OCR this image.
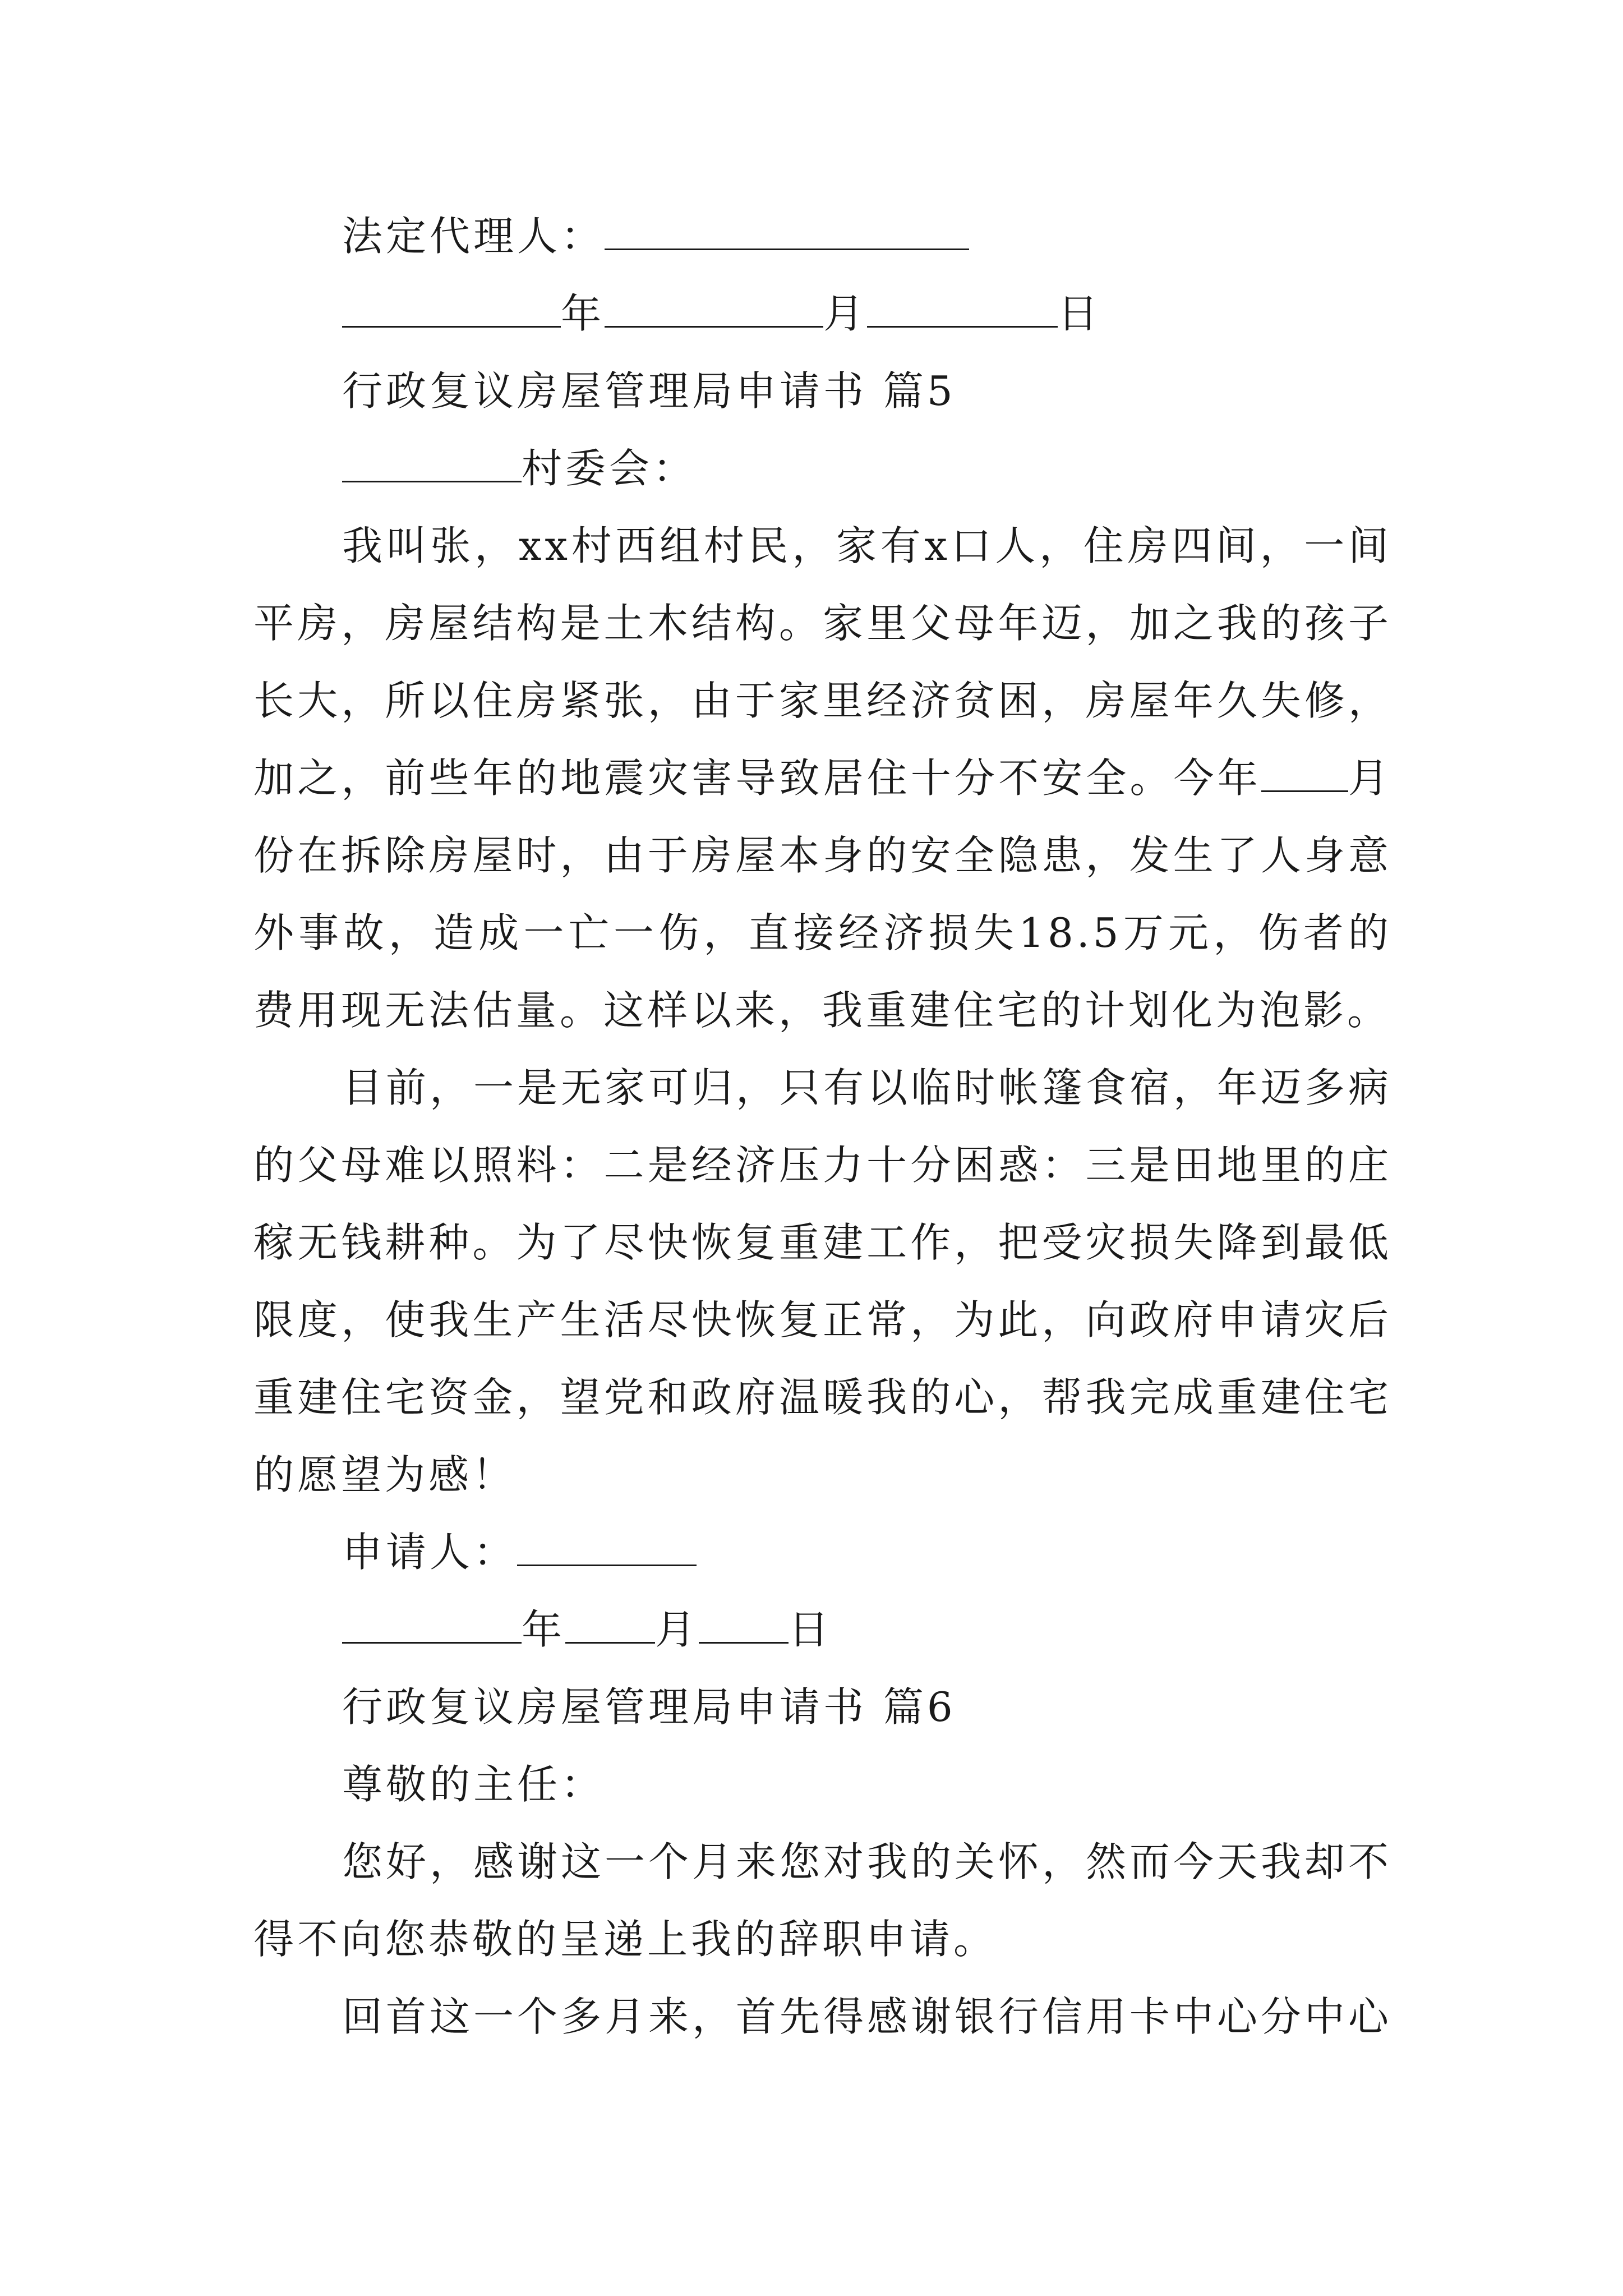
法定代理人：
年	月	日
行政复议房屋管理局申请书 篇5
村委会：

我叫张，xx村西组村民，家有x口人，住房四间，一间平房，房屋结构是土木结构。家里父母年迈，加之我的孩子长大，所以住房紧张，由于家里经济贫困，房屋年久失修，加之，前些年的地震灾害导致居住十分不安全。今年 月份在拆除房屋时，由于房屋本身的安全隐患，发生了人身意外事故，造成一亡一伤，直接经济损失18.5万元，伤者的费用现无法估量。这样以来，我重建住宅的计划化为泡影。

目前，一是无家可归，只有以临时帐篷食宿，年迈多病的父母难以照料：二是经济压力十分困惑：三是田地里的庄稼无钱耕种。为了尽快恢复重建工作，把受灾损失降到最低限度，使我生产生活尽快恢复正常，为此，向政府申请灾后重建住宅资金，望党和政府温暖我的心，帮我完成重建住宅的愿望为感！

申请人：
年 月 日
行政复议房屋管理局申请书 篇6
尊敬的主任：

您好，感谢这一个月来您对我的关怀，然而今天我却不得不向您恭敬的呈递上我的辞职申请。

回首这一个多月来，首先得感谢银行信用卡中心分中心
